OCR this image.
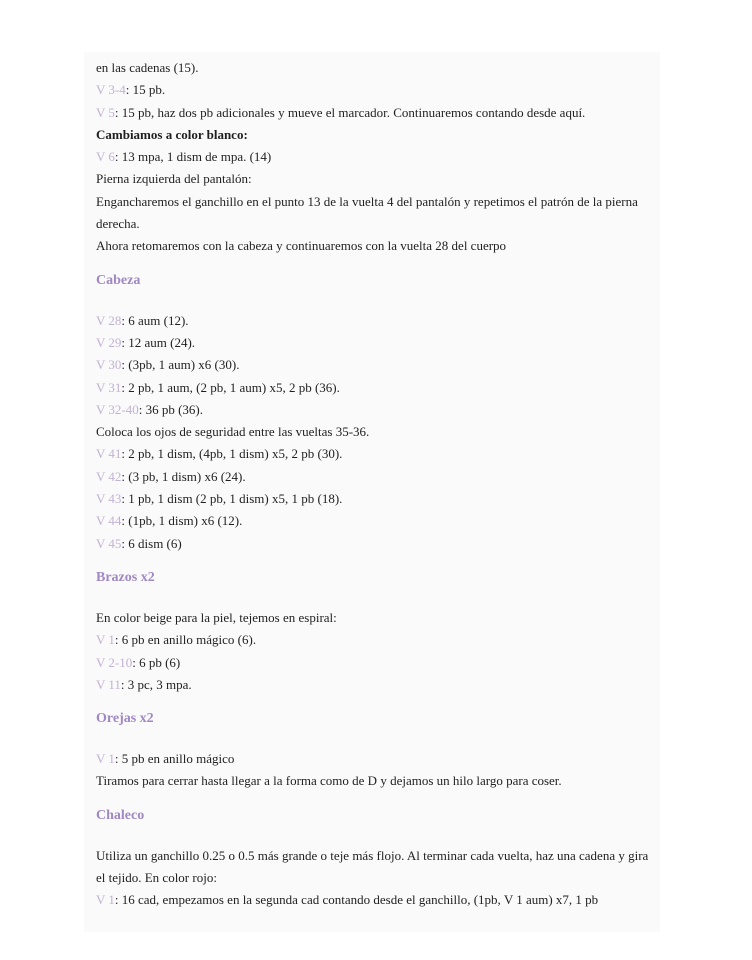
en las cadenas (15).
V 3-4: 15 pb.
V 5: 15 pb, haz dos pb adicionales y mueve el marcador. Continuaremos contando desde aquí.
Cambiamos a color blanco:
V 6: 13 mpa, 1 dism de mpa. (14)
Pierna izquierda del pantalón:
Engancharemos el ganchillo en el punto 13 de la vuelta 4 del pantalón y repetimos el patrón de la pierna derecha.
Ahora retomaremos con la cabeza y continuaremos con la vuelta 28 del cuerpo
Cabeza
V 28: 6 aum (12).
V 29: 12 aum (24).
V 30: (3pb, 1 aum) x6 (30).
V 31: 2 pb, 1 aum, (2 pb, 1 aum) x5, 2 pb (36).
V 32-40: 36 pb (36).
Coloca los ojos de seguridad entre las vueltas 35-36.
V 41: 2 pb, 1 dism, (4pb, 1 dism) x5, 2 pb (30).
V 42: (3 pb, 1 dism) x6 (24).
V 43: 1 pb, 1 dism (2 pb, 1 dism) x5, 1 pb (18).
V 44: (1pb, 1 dism) x6 (12).
V 45: 6 dism (6)
Brazos x2
En color beige para la piel, tejemos en espiral:
V 1: 6 pb en anillo mágico (6).
V 2-10: 6 pb (6)
V 11: 3 pc, 3 mpa.
Orejas x2
V 1: 5 pb en anillo mágico
Tiramos para cerrar hasta llegar a la forma como de D y dejamos un hilo largo para coser.
Chaleco
Utiliza un ganchillo 0.25 o 0.5 más grande o teje más flojo. Al terminar cada vuelta, haz una cadena y gira el tejido. En color rojo:
V 1: 16 cad, empezamos en la segunda cad contando desde el ganchillo, (1pb, V 1 aum) x7, 1 pb
